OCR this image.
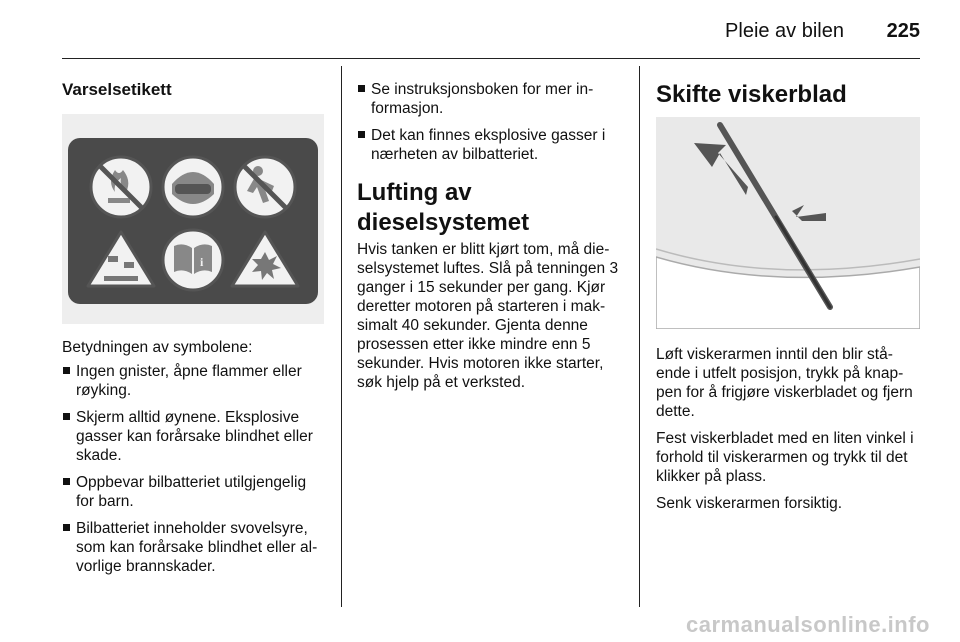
Pleie av bilen	225
Varselsetikett
i

Betydningen av symbolene:

Ingen gnister, åpne flammer eller røyking.
Skjerm alltid øynene. Eksplosive gasser kan forårsake blindhet eller skade.
Oppbevar bilbatteriet utilgjengelig for barn.
Bilbatteriet inneholder svovelsyre, som kan forårsake blindhet eller alvorlige brannskader.
Se instruksjonsboken for mer informasjon.
Det kan finnes eksplosive gasser i nærheten av bilbatteriet.
Lufting av dieselsystemet

Hvis tanken er blitt kjørt tom, må dieselsystemet luftes. Slå på tenningen 3 ganger i 15 sekunder per gang. Kjør deretter motoren på starteren i maksimalt 40 sekunder. Gjenta denne prosessen etter ikke mindre enn 5 sekunder. Hvis motoren ikke starter, søk hjelp på et verksted.

Skifte viskerblad

Løft viskerarmen inntil den blir stående i utfelt posisjon, trykk på knappen for å frigjøre viskerbladet og fjern dette.

Fest viskerbladet med en liten vinkel i forhold til viskerarmen og trykk til det klikker på plass.

Senk viskerarmen forsiktig.

carmanualsonline.info
